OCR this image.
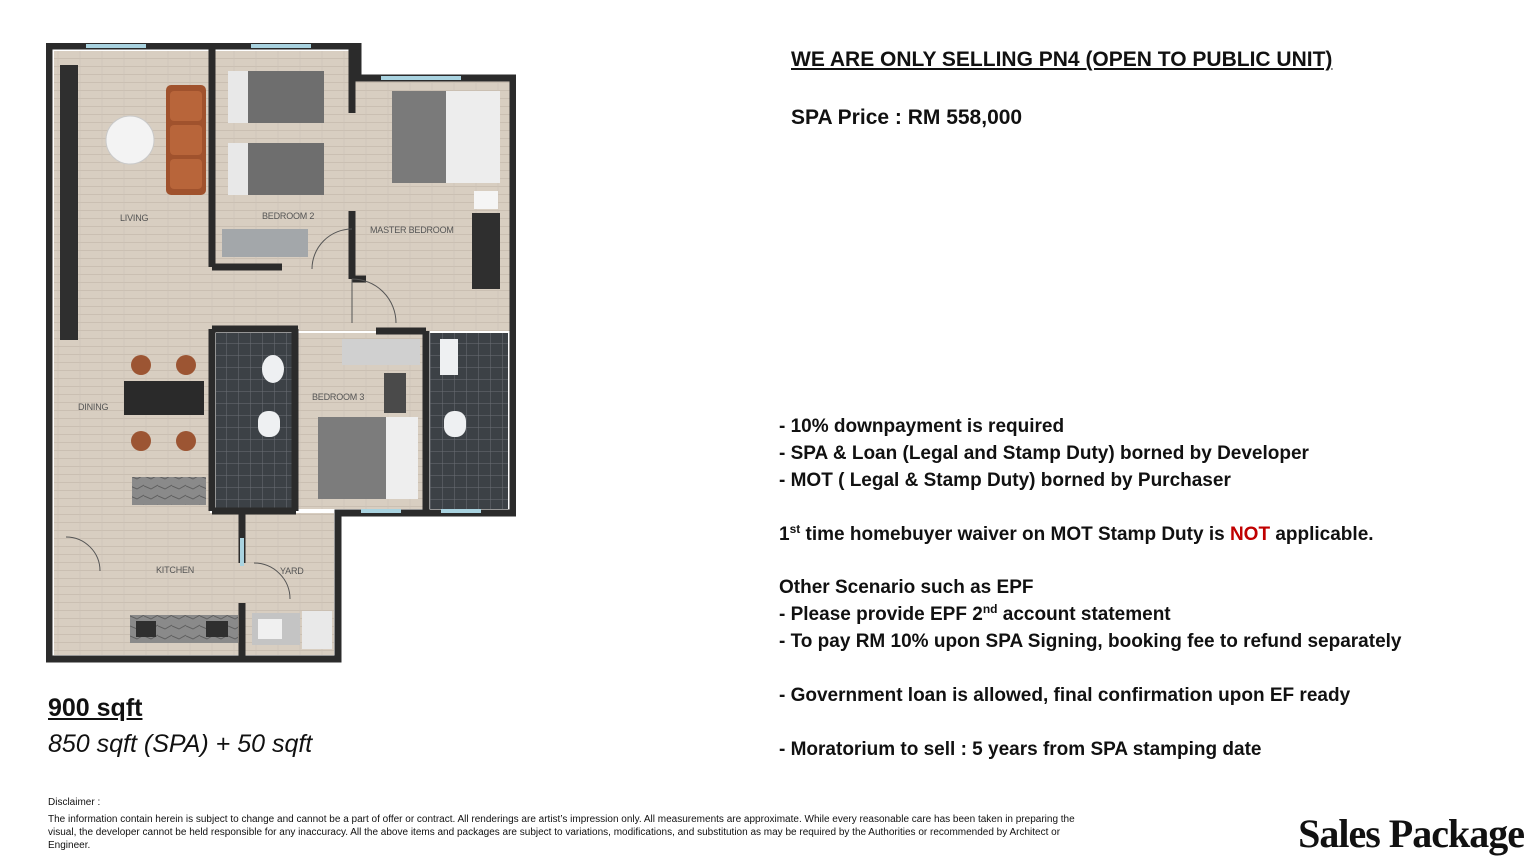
LIVING	BEDROOM 2
MASTER BEDROOM
DINING
BEDROOM 3
KITCHEN	YARD
900 sqft
850 sqft (SPA) + 50 sqft
WE ARE ONLY SELLING PN4 (OPEN TO PUBLIC UNIT)
SPA Price : RM 558,000
- 10% downpayment is required
- SPA & Loan (Legal and Stamp Duty) borned by Developer
- MOT ( Legal & Stamp Duty) borned by Purchaser
1st time homebuyer waiver on MOT Stamp Duty is NOT applicable.
Other Scenario such as EPF
- Please provide EPF 2nd account statement
- To pay RM 10% upon SPA Signing, booking fee to refund separately
- Government loan is allowed, final confirmation upon EF ready
- Moratorium to sell : 5 years from SPA stamping date
Disclaimer :
The information contain herein is subject to change and cannot be a part of offer or contract. All renderings are artist’s impression only. All measurements are approximate. While every reasonable care has been taken in preparing the visual, the developer cannot be held responsible for any inaccuracy. All the above items and packages are subject to variations, modifications, and substitution as may be required by the Authorities or recommended by Architect or Engineer.	Sales Package
